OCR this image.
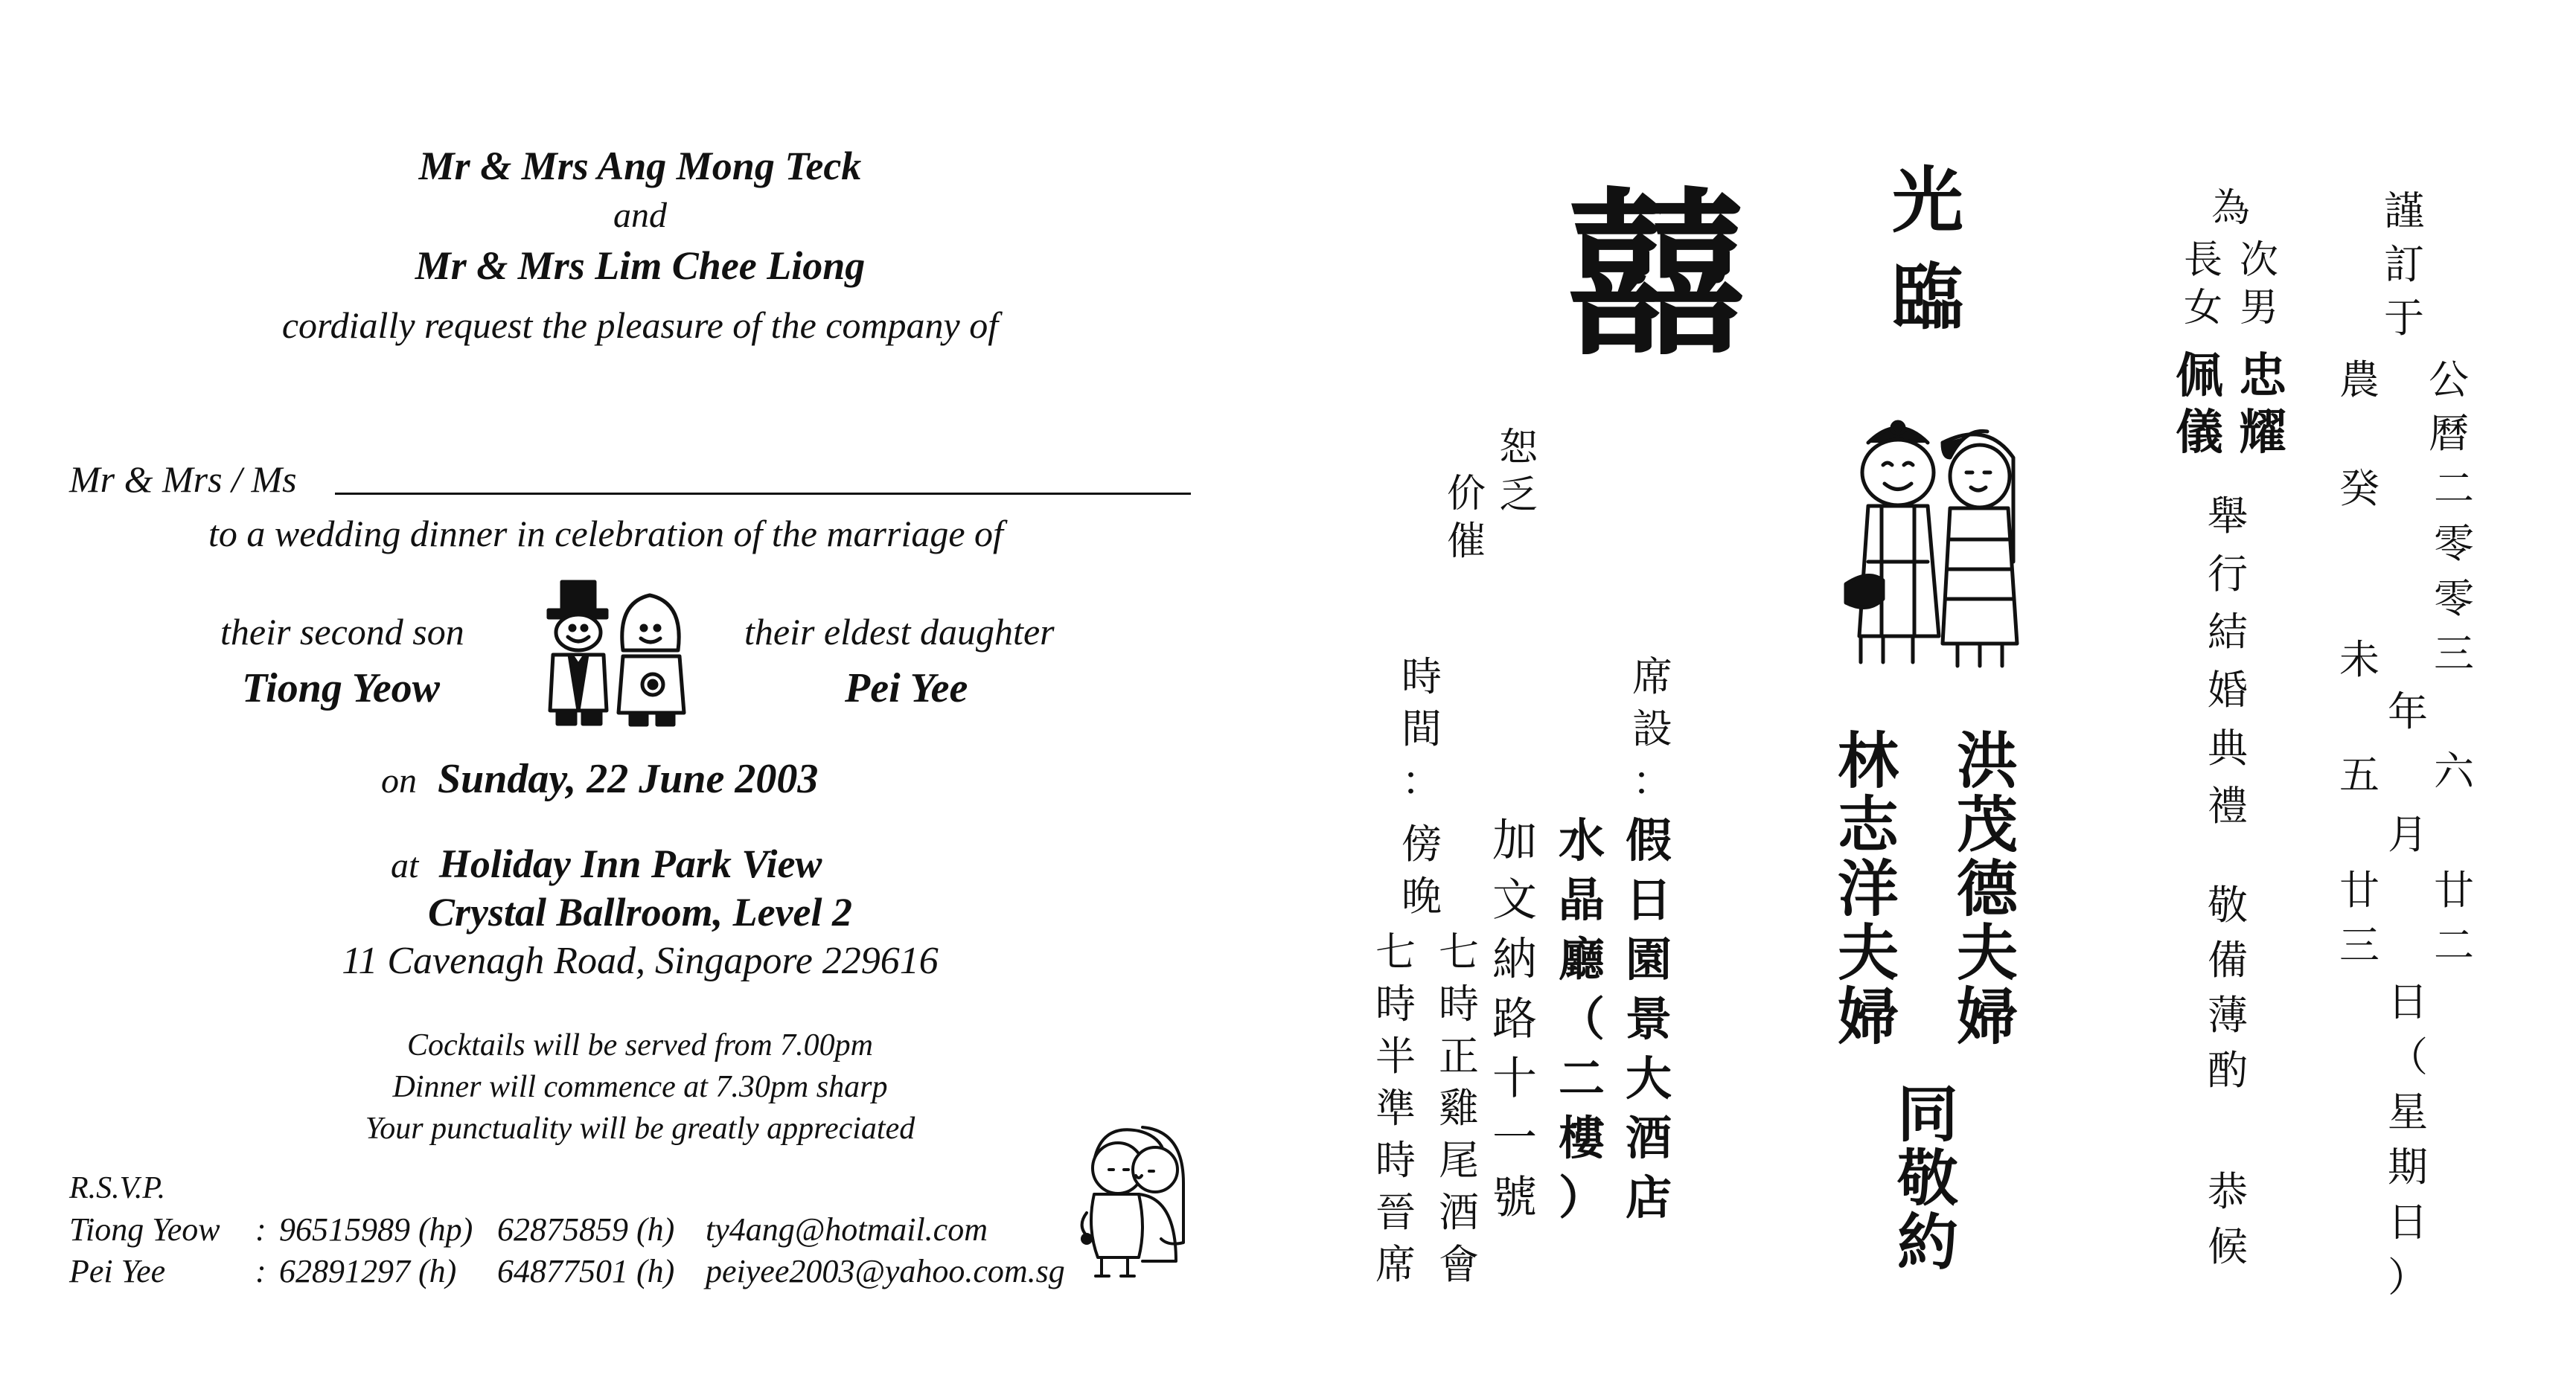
Mr & Mrs Ang Mong Teck
and
Mr & Mrs Lim Chee Liong
cordially request the pleasure of the company of
Mr & Mrs / Ms
to a wedding dinner in celebration of the marriage of
their second son
Tiong Yeow
their eldest daughter
Pei Yee
on Sunday, 22 June 2003
at Holiday Inn Park View
Crystal Ballroom, Level 2
11 Cavenagh Road, Singapore 229616
Cocktails will be served from 7.00pm
Dinner will commence at 7.30pm sharp
Your punctuality will be greatly appreciated
R.S.V.P.
Tiong Yeow : 96515989 (hp) 62875859 (h) ty4ang@hotmail.com
Pei Yee	: 62891297 (h) 64877501 (h) peiyee2003@yahoo.com.sg
囍
恕
乏
价
催
光
臨
洪
茂
德
夫
婦
林
志
洋
夫
婦
同
敬
約
席
設
：
假
日
園
景
大
酒
店
水
晶
廳
（
二
樓
）
加
文
納
路
十
一
號
時
間
：
傍
晚
七
時
正
雞
尾
酒
會
七
時
半
準
時
晉
席
為
次
男
長
女
忠
耀
佩
儀
舉
行
結
婚
典
禮
敬
備
薄
酌
恭
候
謹
訂
于
公
曆
農
二
零
零
三
癸
未
年
六
五
月
廿
二
廿
三
日
（
星
期
日
）
